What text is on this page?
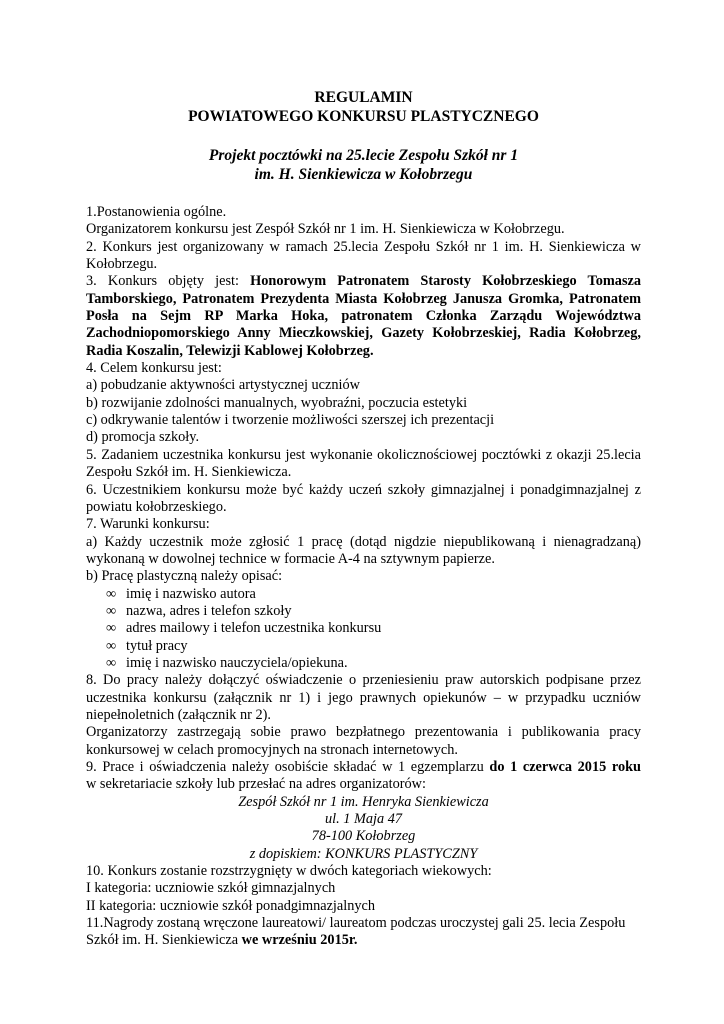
REGULAMIN
POWIATOWEGO KONKURSU PLASTYCZNEGO
Projekt pocztówki na 25.lecie Zespołu Szkół nr 1
im. H. Sienkiewicza w Kołobrzegu

1.Postanowienia ogólne.

Organizatorem konkursu jest Zespół Szkół nr 1 im. H. Sienkiewicza w Kołobrzegu.

2. Konkurs jest organizowany w ramach 25.lecia Zespołu Szkół nr 1 im. H. Sienkiewicza w Kołobrzegu.

3. Konkurs objęty jest: Honorowym Patronatem Starosty Kołobrzeskiego Tomasza Tamborskiego, Patronatem Prezydenta Miasta Kołobrzeg Janusza Gromka, Patronatem Posła na Sejm RP Marka Hoka, patronatem Członka Zarządu Województwa Zachodniopomorskiego Anny Mieczkowskiej, Gazety Kołobrzeskiej, Radia Kołobrzeg, Radia Koszalin, Telewizji Kablowej Kołobrzeg.

4. Celem konkursu jest:

a) pobudzanie aktywności artystycznej uczniów

b) rozwijanie zdolności manualnych, wyobraźni, poczucia estetyki

c) odkrywanie talentów i tworzenie możliwości szerszej ich prezentacji

d) promocja szkoły.

5. Zadaniem uczestnika konkursu jest wykonanie okolicznościowej pocztówki z okazji 25.lecia Zespołu Szkół im. H. Sienkiewicza.

6. Uczestnikiem konkursu może być każdy uczeń szkoły gimnazjalnej i ponadgimnazjalnej z powiatu kołobrzeskiego.

7. Warunki konkursu:

a) Każdy uczestnik może zgłosić 1 pracę (dotąd nigdzie niepublikowaną i nienagradzaną) wykonaną w dowolnej technice w formacie A-4 na sztywnym papierze.

b) Pracę plastyczną należy opisać:

∞ imię i nazwisko autora
∞ nazwa, adres i telefon szkoły
∞ adres mailowy i telefon uczestnika konkursu
∞ tytuł pracy
∞ imię i nazwisko nauczyciela/opiekuna.

8. Do pracy należy dołączyć oświadczenie o przeniesieniu praw autorskich podpisane przez uczestnika konkursu (załącznik nr 1) i jego prawnych opiekunów – w przypadku uczniów niepełnoletnich (załącznik nr 2).

Organizatorzy zastrzegają sobie prawo bezpłatnego prezentowania i publikowania pracy konkursowej w celach promocyjnych na stronach internetowych.

9. Prace i oświadczenia należy osobiście składać w 1 egzemplarzu do 1 czerwca 2015 roku

w sekretariacie szkoły lub przesłać na adres organizatorów:

Zespół Szkół nr 1 im. Henryka Sienkiewicza

ul. 1 Maja 47

78-100 Kołobrzeg

z dopiskiem: KONKURS PLASTYCZNY

10. Konkurs zostanie rozstrzygnięty w dwóch kategoriach wiekowych:

I kategoria: uczniowie szkół gimnazjalnych

II kategoria: uczniowie szkół ponadgimnazjalnych

11.Nagrody zostaną wręczone laureatowi/ laureatom podczas uroczystej gali 25. lecia Zespołu Szkół im. H. Sienkiewicza we wrześniu 2015r.
